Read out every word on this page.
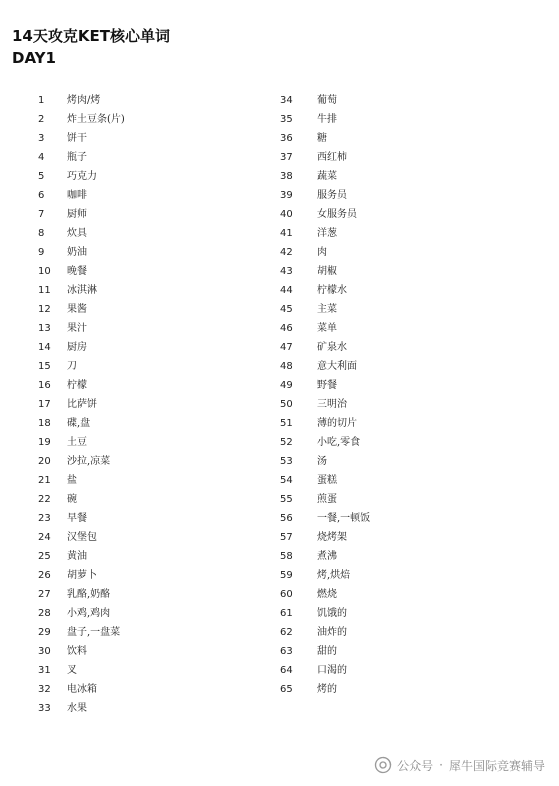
14天攻克KET核心单词
DAY1
1	烤肉/烤
2	炸土豆条(片)
3	饼干
4	瓶子
5	巧克力
6	咖啡
7	厨师
8	炊具
9	奶油
10	晚餐
11	冰淇淋
12	果酱
13	果汁
14	厨房
15	刀
16	柠檬
17	比萨饼
18	碟,盘
19	土豆
20	沙拉,凉菜
21	盐
22	碗
23	早餐
24	汉堡包
25	黄油
26	胡萝卜
27	乳酪,奶酪
28	小鸡,鸡肉
29	盘子,一盘菜
30	饮料
31	叉
32	电冰箱
33	水果
34	葡萄
35	牛排
36	糖
37	西红柿
38	蔬菜
39	服务员
40	女服务员
41	洋葱
42	肉
43	胡椒
44	柠檬水
45	主菜
46	菜单
47	矿泉水
48	意大利面
49	野餐
50	三明治
51	薄的切片
52	小吃,零食
53	汤
54	蛋糕
55	煎蛋
56	一餐,一顿饭
57	烧烤架
58	煮沸
59	烤,烘焙
60	燃烧
61	饥饿的
62	油炸的
63	甜的
64	口渴的
65	烤的
公众号 · 犀牛国际竞赛辅导
